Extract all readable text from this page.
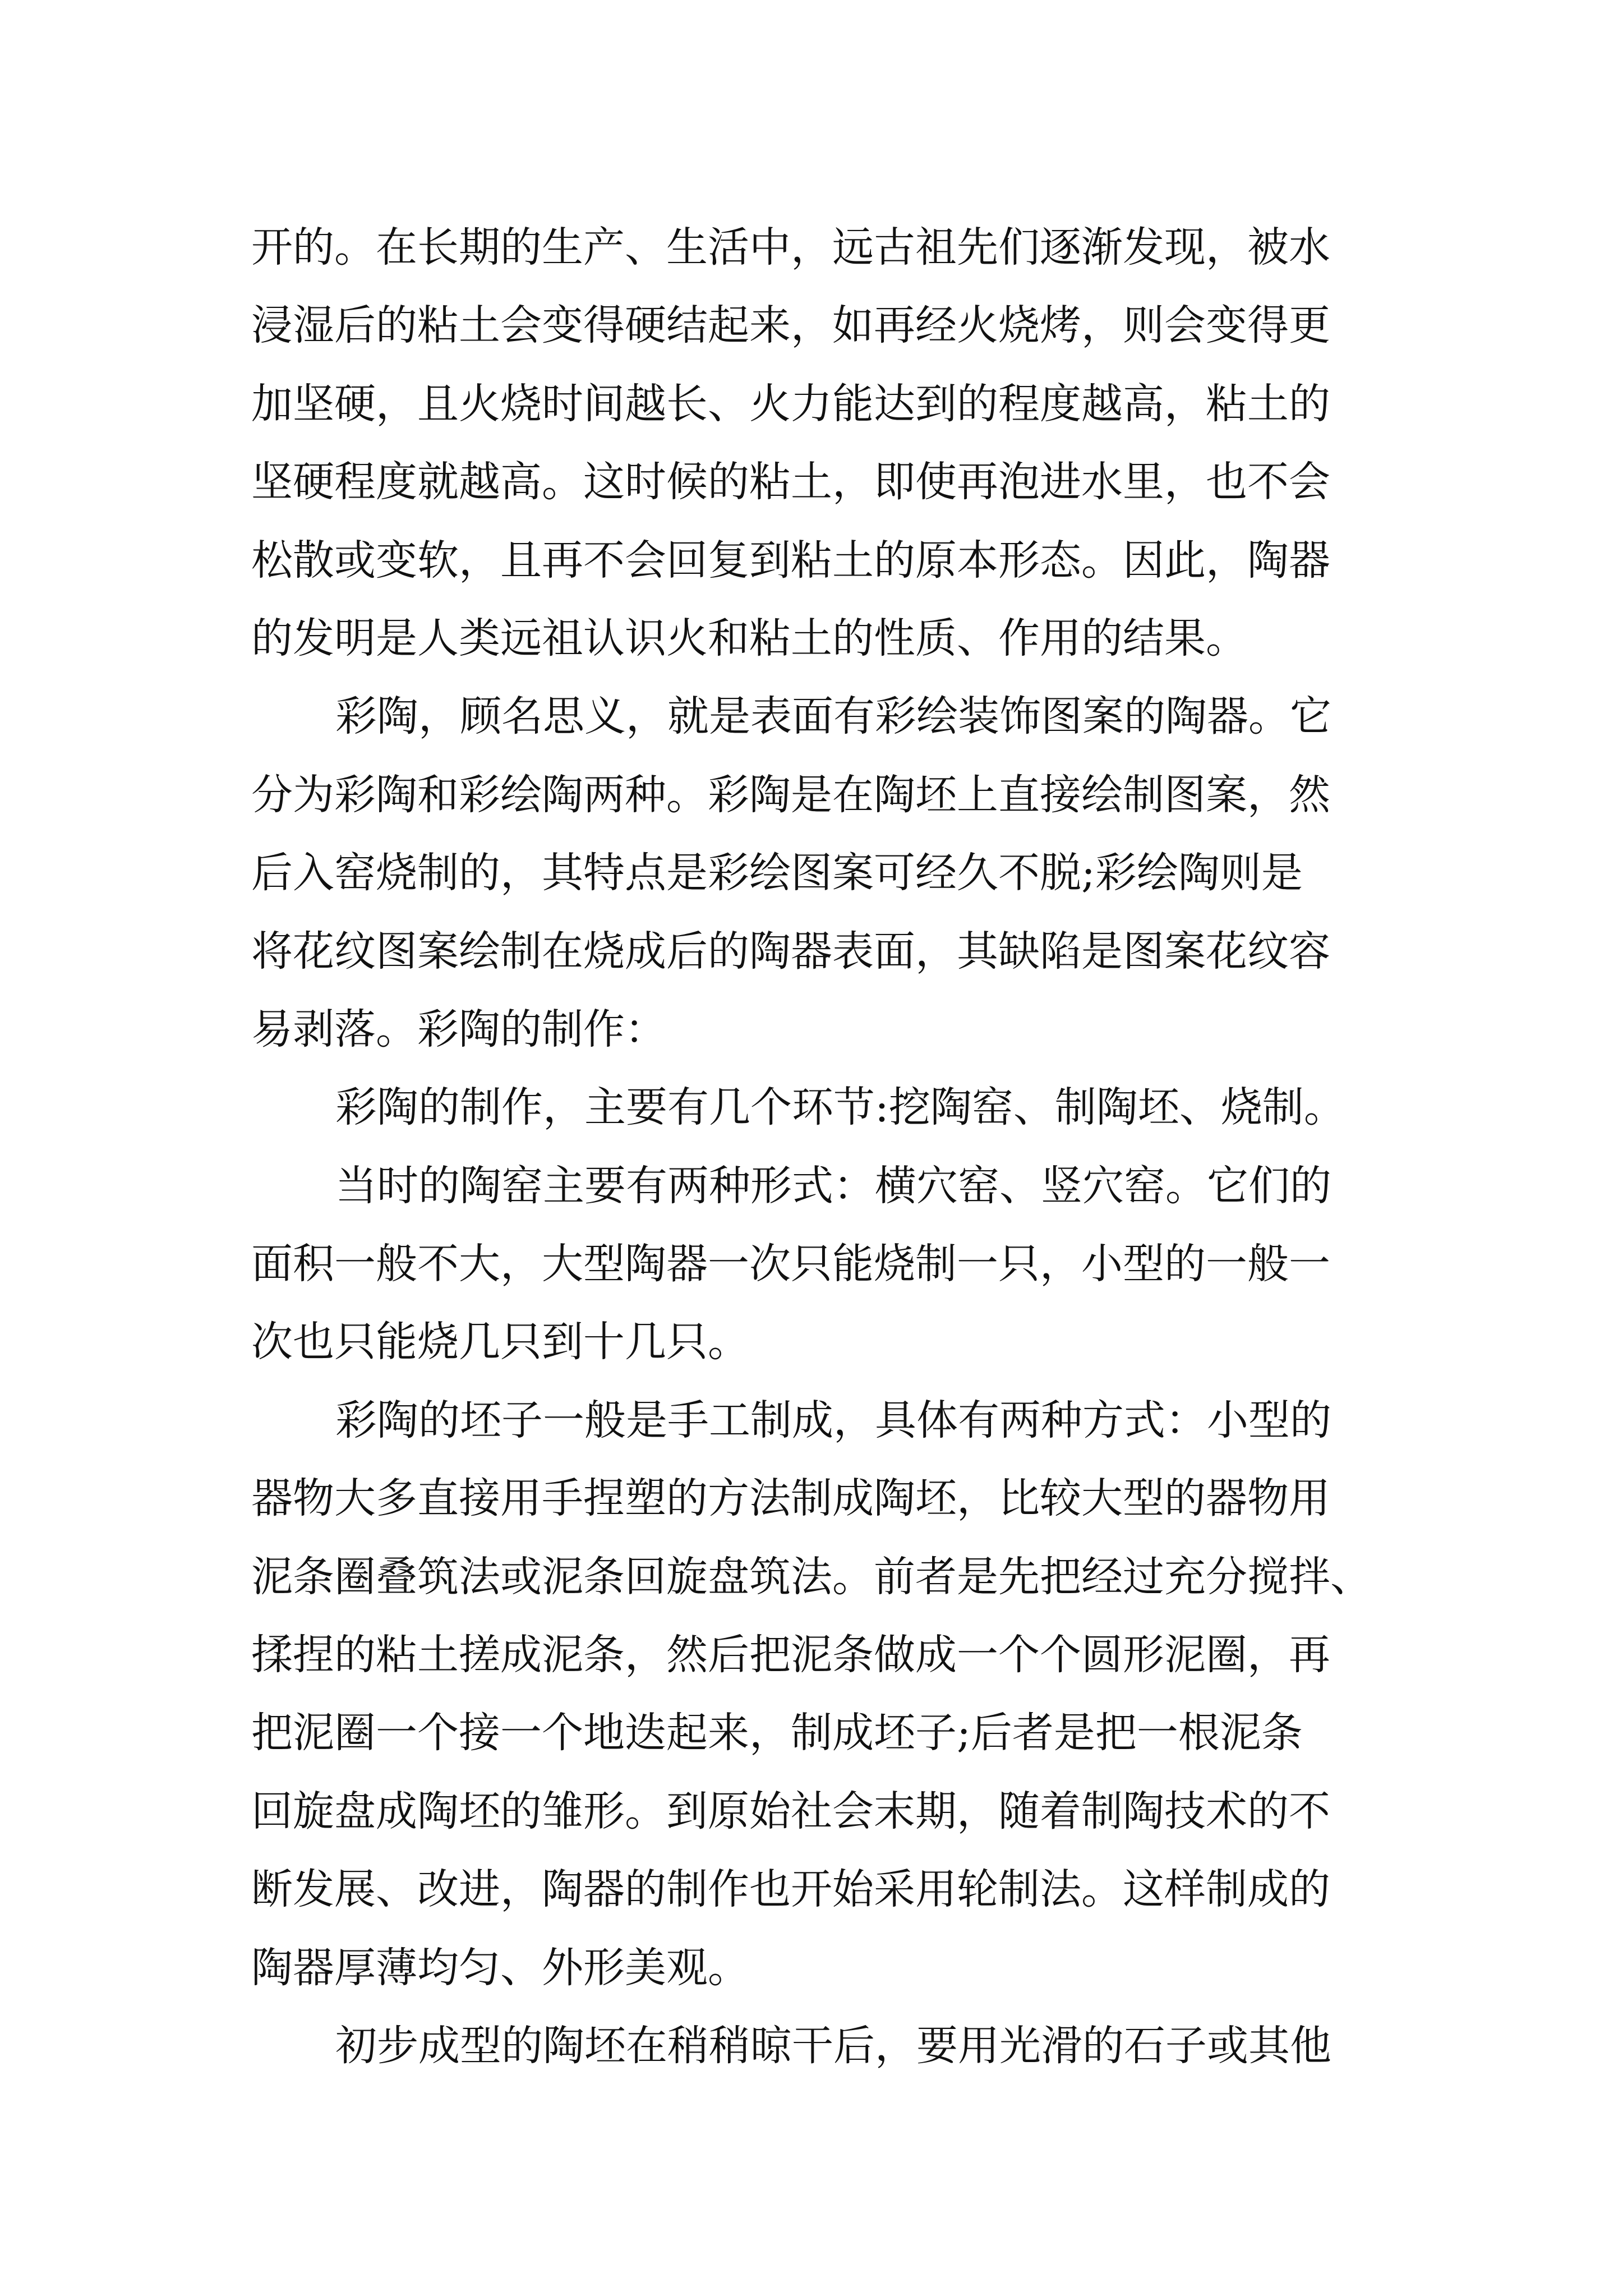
开的。在长期的生产、生活中，远古祖先们逐渐发现，被水
浸湿后的粘土会变得硬结起来，如再经火烧烤，则会变得更
加坚硬，且火烧时间越长、火力能达到的程度越高，粘土的
坚硬程度就越高。这时候的粘土，即使再泡进水里，也不会
松散或变软，且再不会回复到粘土的原本形态。因此，陶器
的发明是人类远祖认识火和粘土的性质、作用的结果。
彩陶，顾名思义，就是表面有彩绘装饰图案的陶器。它
分为彩陶和彩绘陶两种。彩陶是在陶坯上直接绘制图案，然
后入窑烧制的，其特点是彩绘图案可经久不脱;彩绘陶则是
将花纹图案绘制在烧成后的陶器表面，其缺陷是图案花纹容
易剥落。彩陶的制作：
彩陶的制作，主要有几个环节:挖陶窑、制陶坯、烧制。
当时的陶窑主要有两种形式：横穴窑、竖穴窑。它们的
面积一般不大，大型陶器一次只能烧制一只，小型的一般一
次也只能烧几只到十几只。
彩陶的坯子一般是手工制成，具体有两种方式：小型的
器物大多直接用手捏塑的方法制成陶坯，比较大型的器物用
泥条圈叠筑法或泥条回旋盘筑法。前者是先把经过充分搅拌、
揉捏的粘土搓成泥条，然后把泥条做成一个个圆形泥圈，再
把泥圈一个接一个地迭起来，制成坯子;后者是把一根泥条
回旋盘成陶坯的雏形。到原始社会末期，随着制陶技术的不
断发展、改进，陶器的制作也开始采用轮制法。这样制成的
陶器厚薄均匀、外形美观。
初步成型的陶坯在稍稍晾干后，要用光滑的石子或其他
